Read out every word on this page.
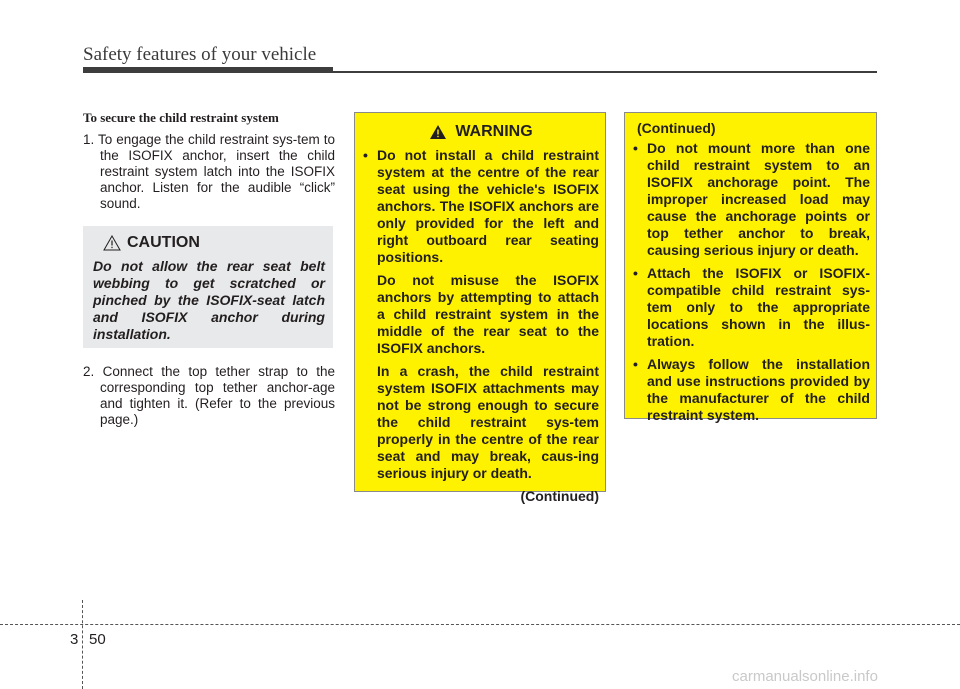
Safety features of your vehicle

To secure the child restraint system

1. To engage the child restraint sys-tem to the ISOFIX anchor, insert the child restraint system latch into the ISOFIX anchor. Listen for the audible “click” sound.

CAUTION
Do not allow the rear seat belt webbing to get scratched or pinched by the ISOFIX-seat latch and ISOFIX anchor during installation.

2. Connect the top tether strap to the corresponding top tether anchor-age and tighten it. (Refer to the previous page.)

WARNING

• Do not install a child restraint system at the centre of the rear seat using the vehicle's ISOFIX anchors. The ISOFIX anchors are only provided for the left and right outboard rear seating positions.

Do not misuse the ISOFIX anchors by attempting to attach a child restraint system in the middle of the rear seat to the ISOFIX anchors.

In a crash, the child restraint system ISOFIX attachments may not be strong enough to secure the child restraint sys-tem properly in the centre of the rear seat and may break, caus-ing serious injury or death.

(Continued)

(Continued)

• Do not mount more than one child restraint system to an ISOFIX anchorage point. The improper increased load may cause the anchorage points or top tether anchor to break, causing serious injury or death.

• Attach the ISOFIX or ISOFIX-compatible child restraint sys-tem only to the appropriate locations shown in the illus-tration.

• Always follow the installation and use instructions provided by the manufacturer of the child restraint system.

3 50
carmanualsonline.info
